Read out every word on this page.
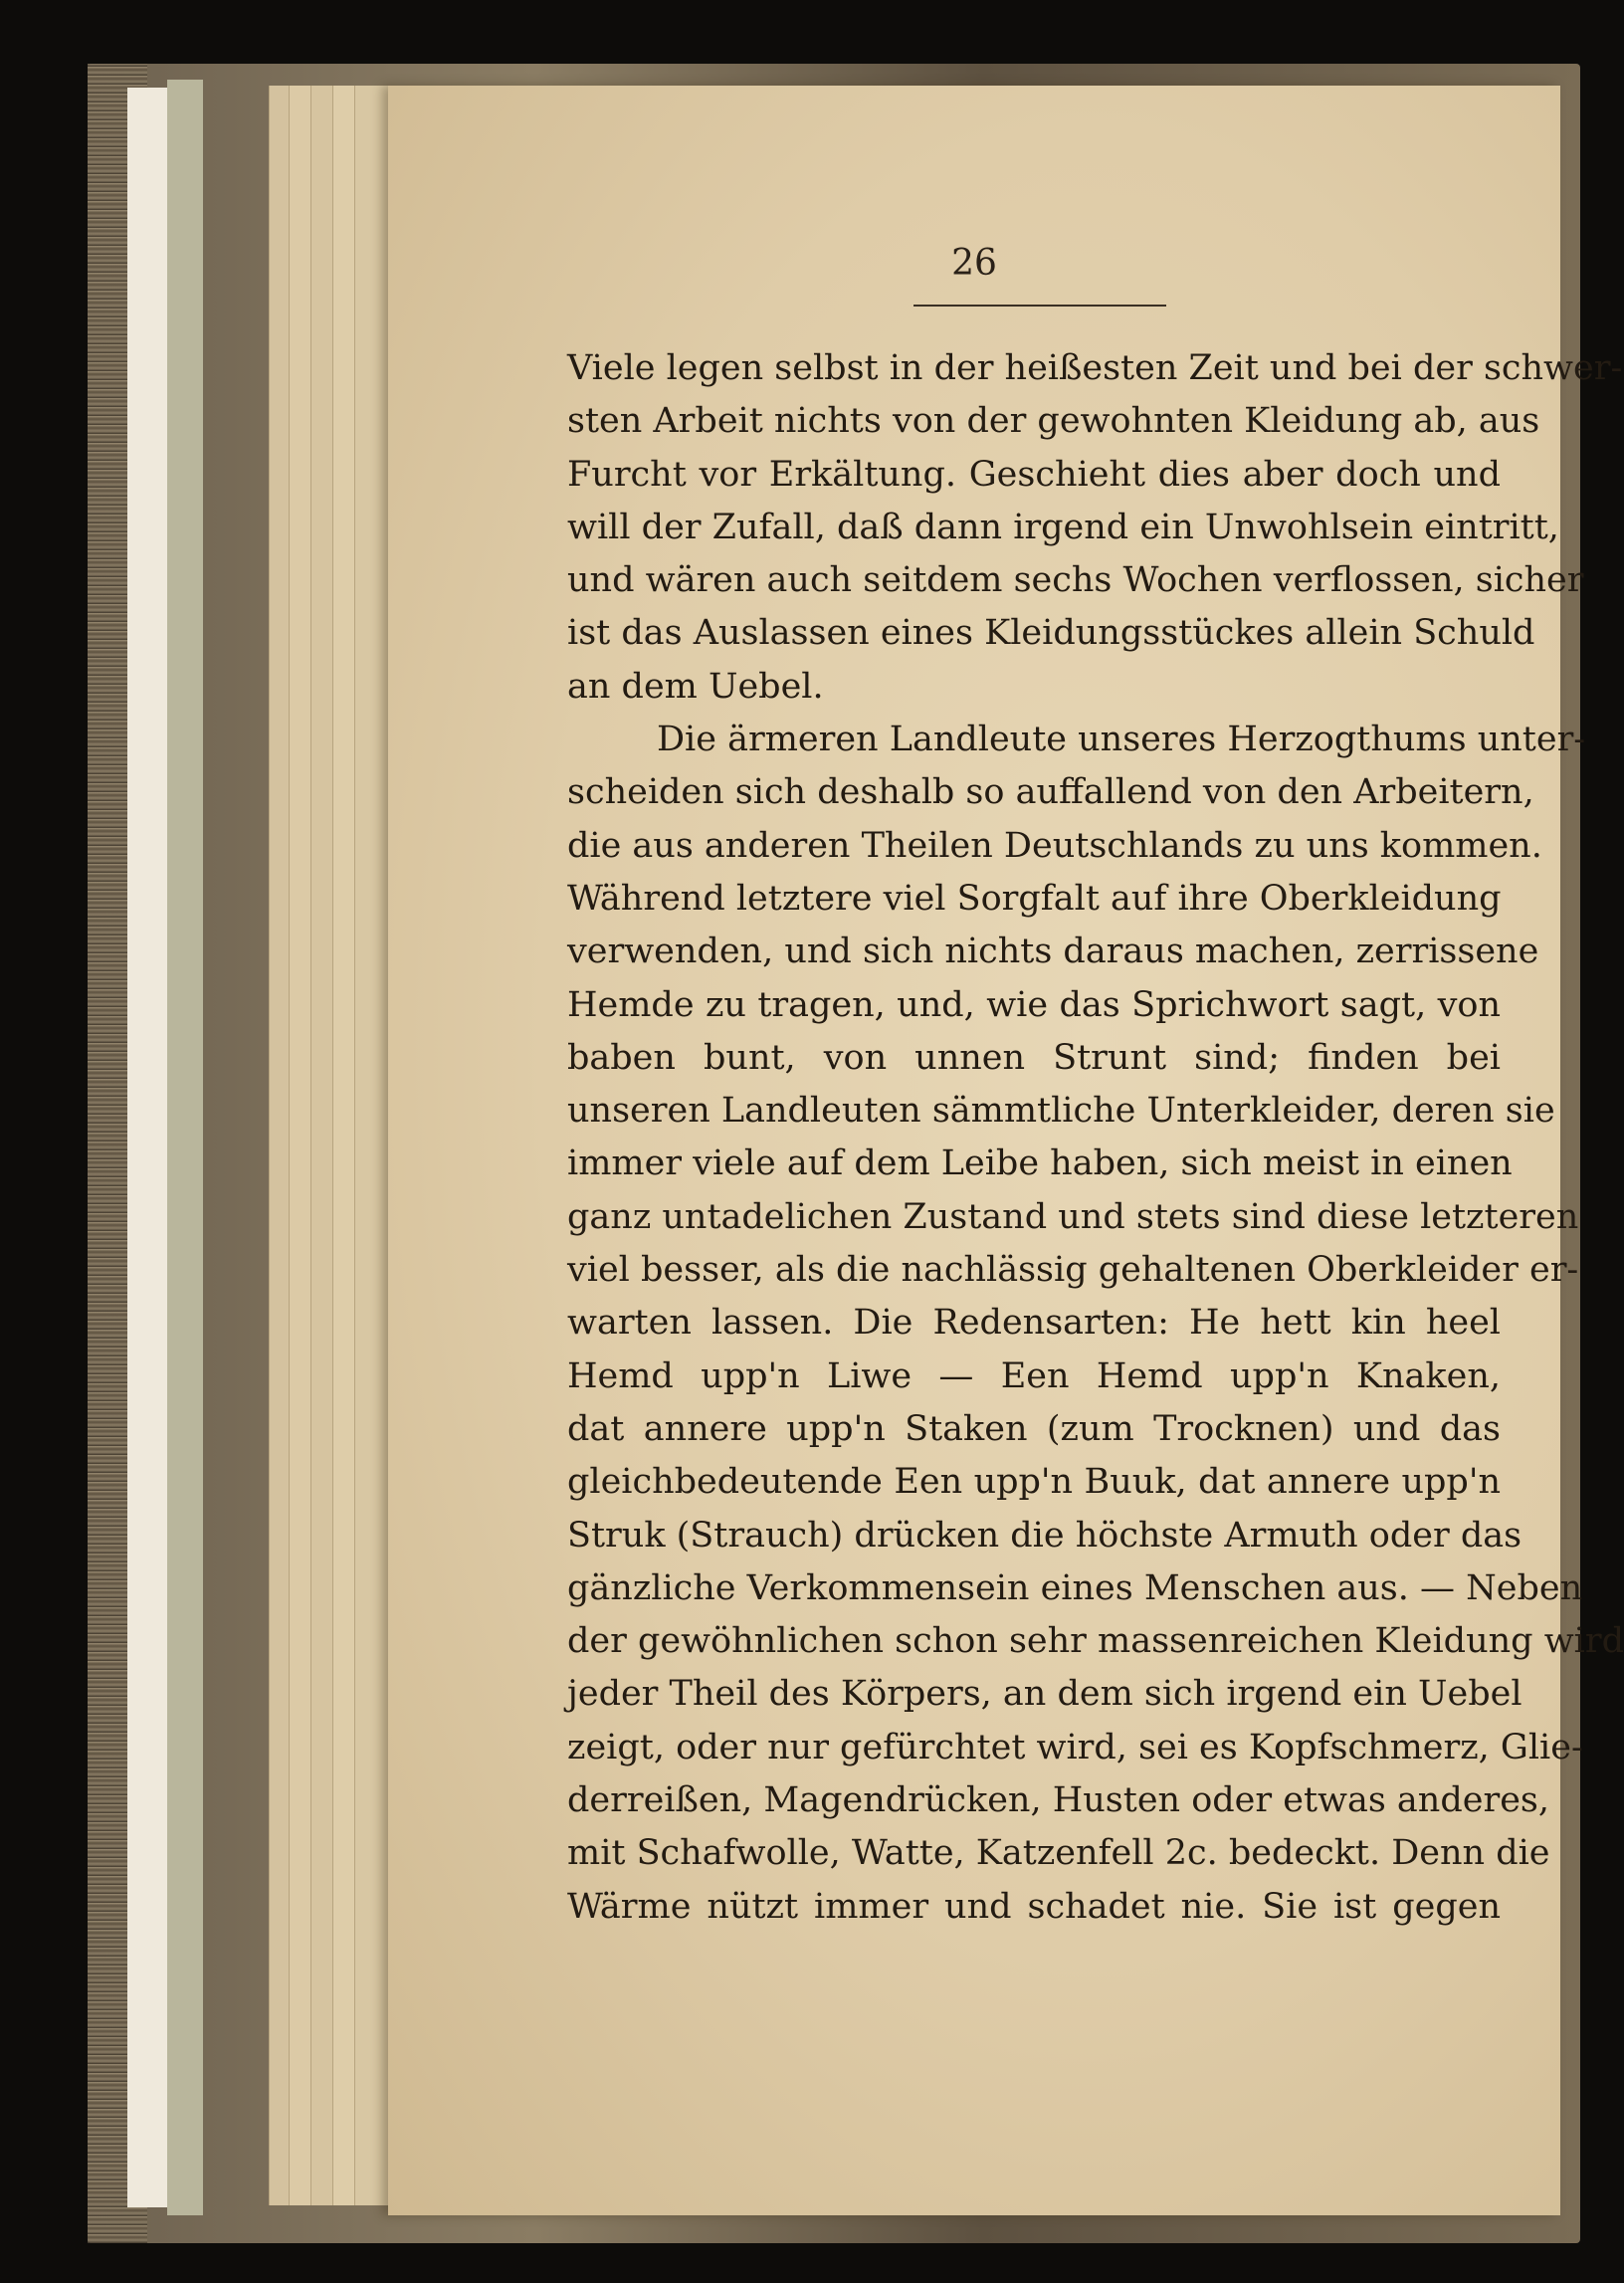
26
Viele legen selbst in der heißesten Zeit und bei der schwer-
sten Arbeit nichts von der gewohnten Kleidung ab, aus
Furcht vor Erkältung. Geschieht dies aber doch und
will der Zufall, daß dann irgend ein Unwohlsein eintritt,
und wären auch seitdem sechs Wochen verflossen, sicher
ist das Auslassen eines Kleidungsstückes allein Schuld
an dem Uebel.
Die ärmeren Landleute unseres Herzogthums unter-
scheiden sich deshalb so auffallend von den Arbeitern,
die aus anderen Theilen Deutschlands zu uns kommen.
Während letztere viel Sorgfalt auf ihre Oberkleidung
verwenden, und sich nichts daraus machen, zerrissene
Hemde zu tragen, und, wie das Sprichwort sagt, von
baben bunt, von unnen Strunt sind; finden bei
unseren Landleuten sämmtliche Unterkleider, deren sie
immer viele auf dem Leibe haben, sich meist in einen
ganz untadelichen Zustand und stets sind diese letzteren
viel besser, als die nachlässig gehaltenen Oberkleider er-
warten lassen. Die Redensarten: He hett kin heel
Hemd upp'n Liwe — Een Hemd upp'n Knaken,
dat annere upp'n Staken (zum Trocknen) und das
gleichbedeutende Een upp'n Buuk, dat annere upp'n
Struk (Strauch) drücken die höchste Armuth oder das
gänzliche Verkommensein eines Menschen aus. — Neben
der gewöhnlichen schon sehr massenreichen Kleidung wird
jeder Theil des Körpers, an dem sich irgend ein Uebel
zeigt, oder nur gefürchtet wird, sei es Kopfschmerz, Glie-
derreißen, Magendrücken, Husten oder etwas anderes,
mit Schafwolle, Watte, Katzenfell 2c. bedeckt. Denn die
Wärme nützt immer und schadet nie. Sie ist gegen
